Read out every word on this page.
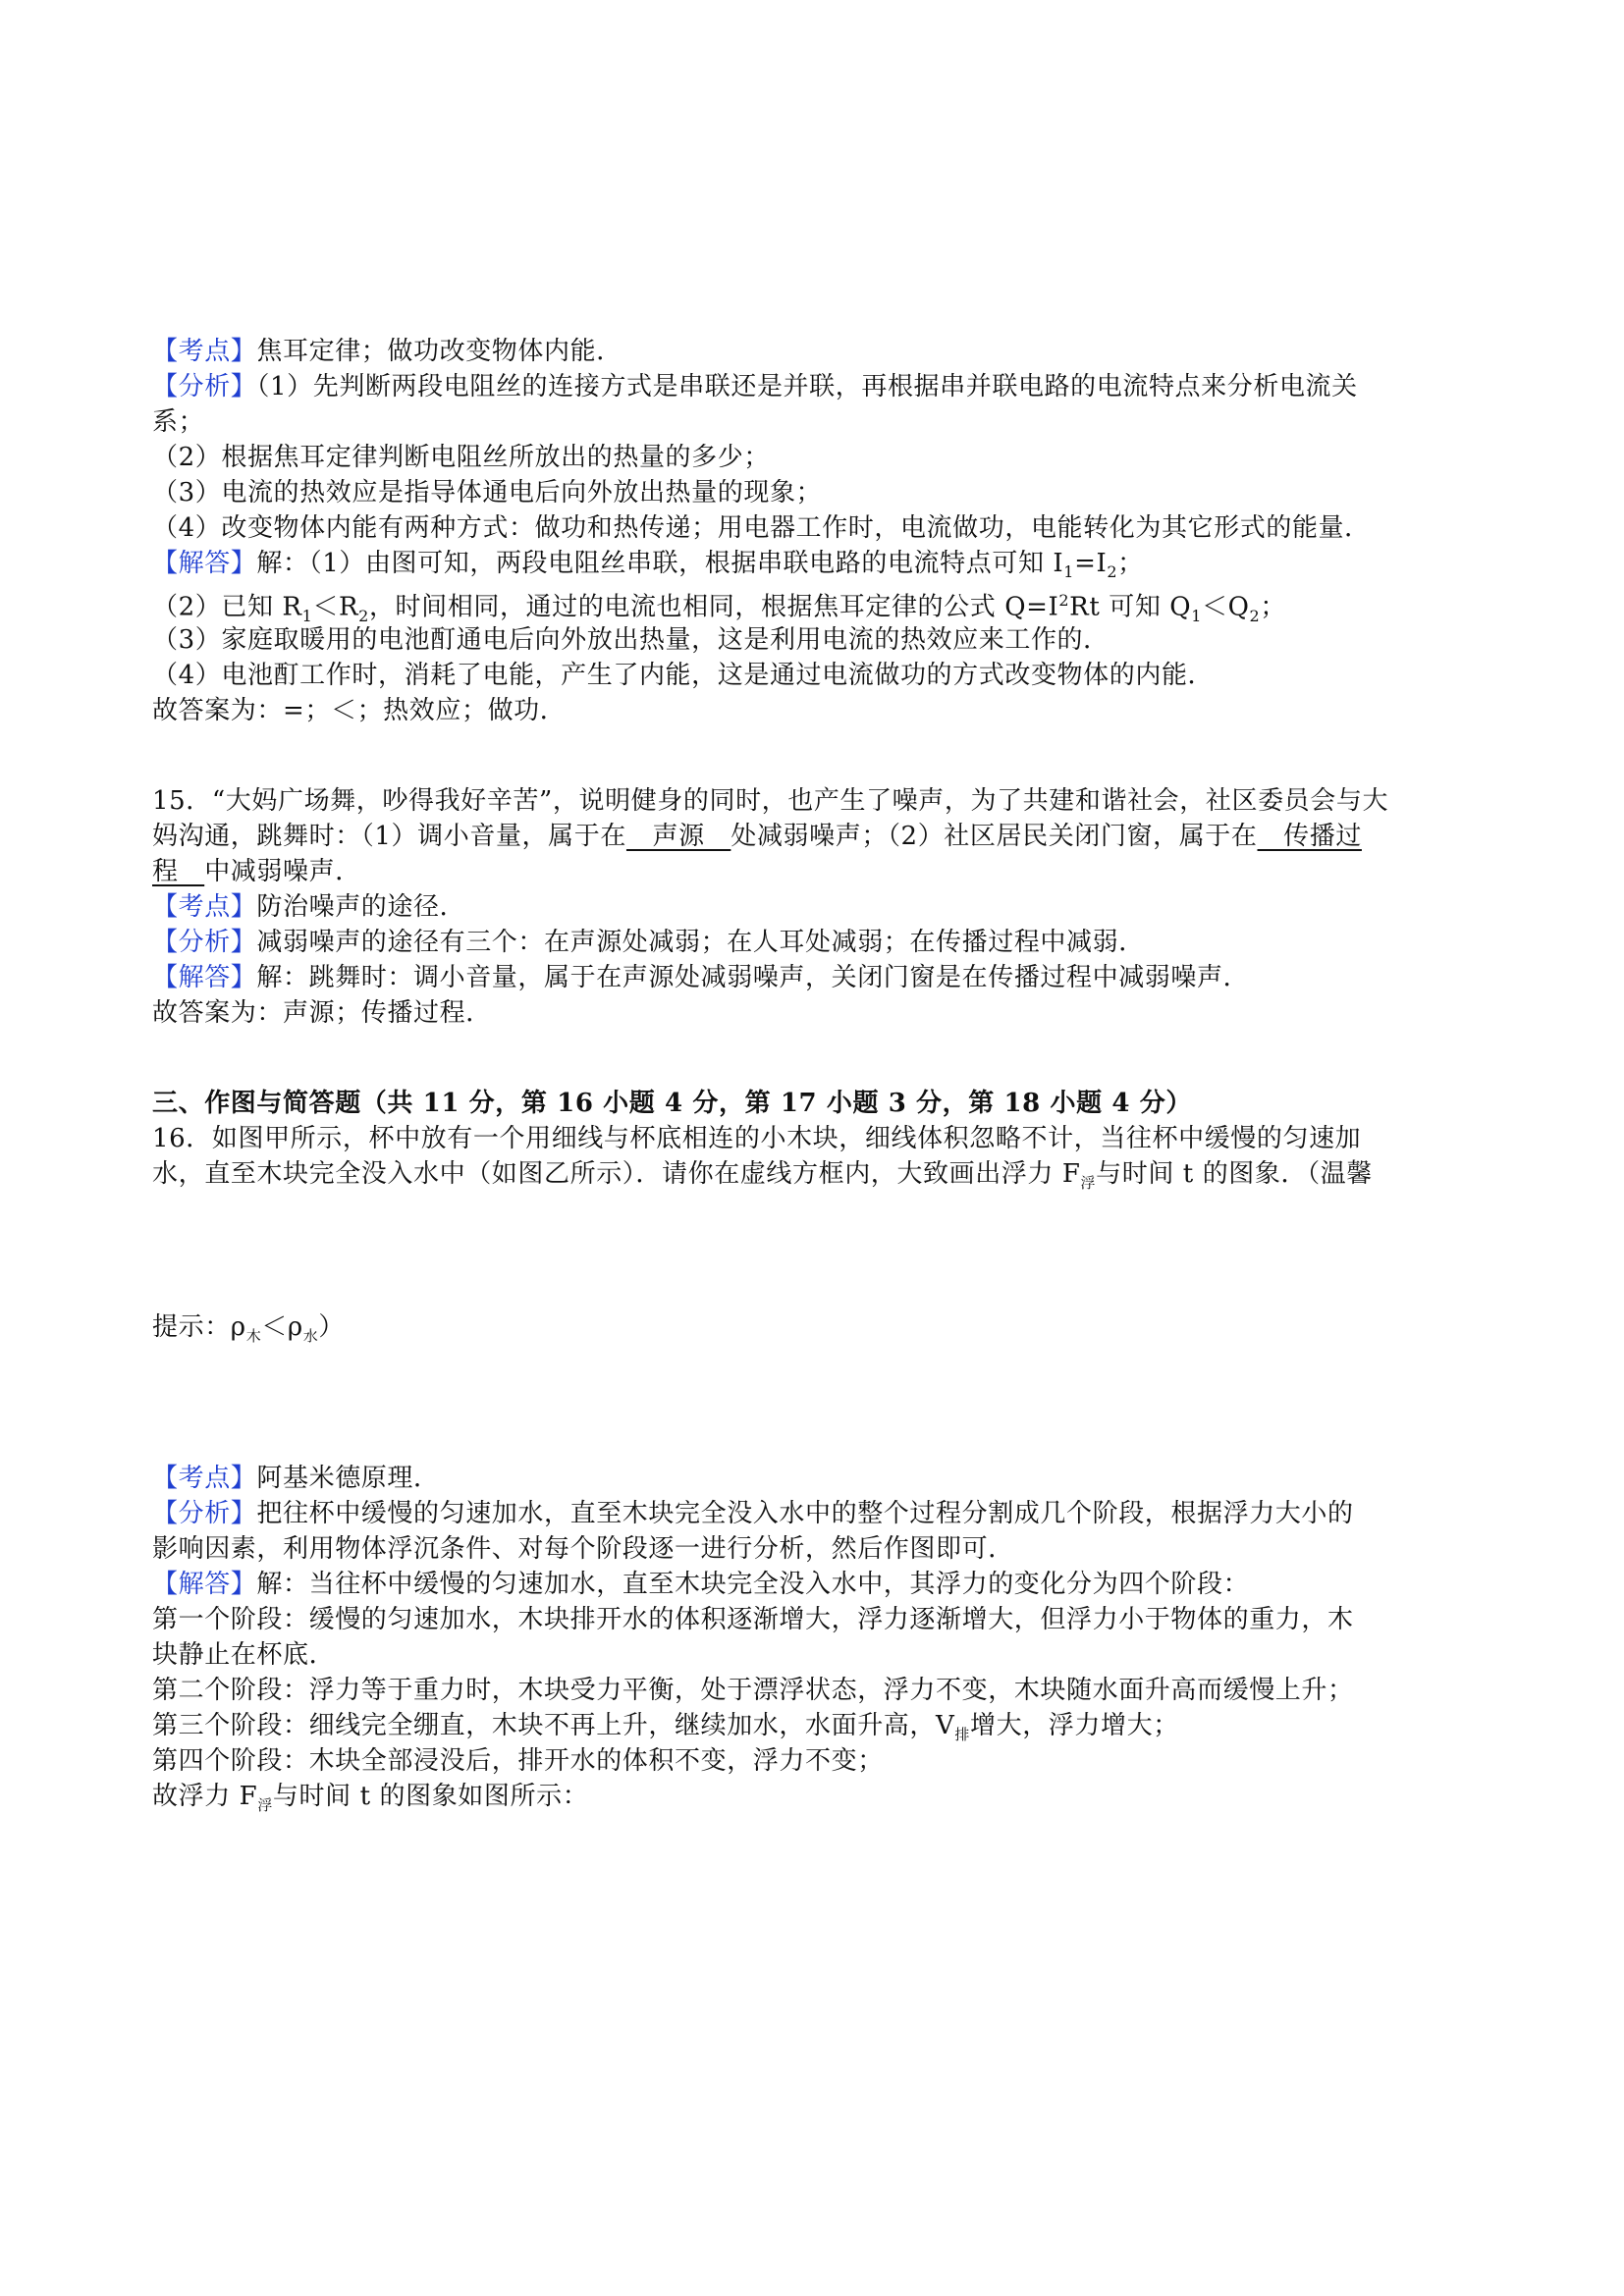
【考点】焦耳定律；做功改变物体内能．
【分析】（1）先判断两段电阻丝的连接方式是串联还是并联，再根据串并联电路的电流特点来分析电流关
系；
（2）根据焦耳定律判断电阻丝所放出的热量的多少；
（3）电流的热效应是指导体通电后向外放出热量的现象；
（4）改变物体内能有两种方式：做功和热传递；用电器工作时，电流做功，电能转化为其它形式的能量．
【解答】解：（1）由图可知，两段电阻丝串联，根据串联电路的电流特点可知 $I_1=I_2$；
（2）已知 $R_1<R_2$，时间相同，通过的电流也相同，根据焦耳定律的公式 $Q=I^2Rt$ 可知 $Q_1<Q_2$；
（3）家庭取暖用的电池酊通电后向外放出热量，这是利用电流的热效应来工作的．
（4）电池酊工作时，消耗了电能，产生了内能，这是通过电流做功的方式改变物体的内能．
故答案为：=；＜；热效应；做功．
15．“大妈广场舞，吵得我好辛苦”，说明健身的同时，也产生了噪声，为了共建和谐社会，社区委员会与大
妈沟通，跳舞时：（1）调小音量，属于在　声源　处减弱噪声；（2）社区居民关闭门窗，属于在　传播过
程　中减弱噪声．
【考点】防治噪声的途径．
【分析】减弱噪声的途径有三个：在声源处减弱；在人耳处减弱；在传播过程中减弱．
【解答】解：跳舞时：调小音量，属于在声源处减弱噪声，关闭门窗是在传播过程中减弱噪声．
故答案为：声源；传播过程．
三、作图与简答题（共 11 分，第 16 小题 4 分，第 17 小题 3 分，第 18 小题 4 分）
16．如图甲所示，杯中放有一个用细线与杯底相连的小木块，细线体积忽略不计，当往杯中缓慢的匀速加
水，直至木块完全没入水中（如图乙所示）．请你在虚线方框内，大致画出浮力 $F_浮$与时间 t 的图象．（温馨
提示：$\rho_木<\rho_水$）
【考点】阿基米德原理．
【分析】把往杯中缓慢的匀速加水，直至木块完全没入水中的整个过程分割成几个阶段，根据浮力大小的
影响因素，利用物体浮沉条件、对每个阶段逐一进行分析，然后作图即可．
【解答】解：当往杯中缓慢的匀速加水，直至木块完全没入水中，其浮力的变化分为四个阶段：
第一个阶段：缓慢的匀速加水，木块排开水的体积逐渐增大，浮力逐渐增大，但浮力小于物体的重力，木
块静止在杯底．
第二个阶段：浮力等于重力时，木块受力平衡，处于漂浮状态，浮力不变，木块随水面升高而缓慢上升；
第三个阶段：细线完全绷直，木块不再上升，继续加水，水面升高，$V_排$增大，浮力增大；
第四个阶段：木块全部浸没后，排开水的体积不变，浮力不变；
故浮力 $F_浮$与时间 t 的图象如图所示：
